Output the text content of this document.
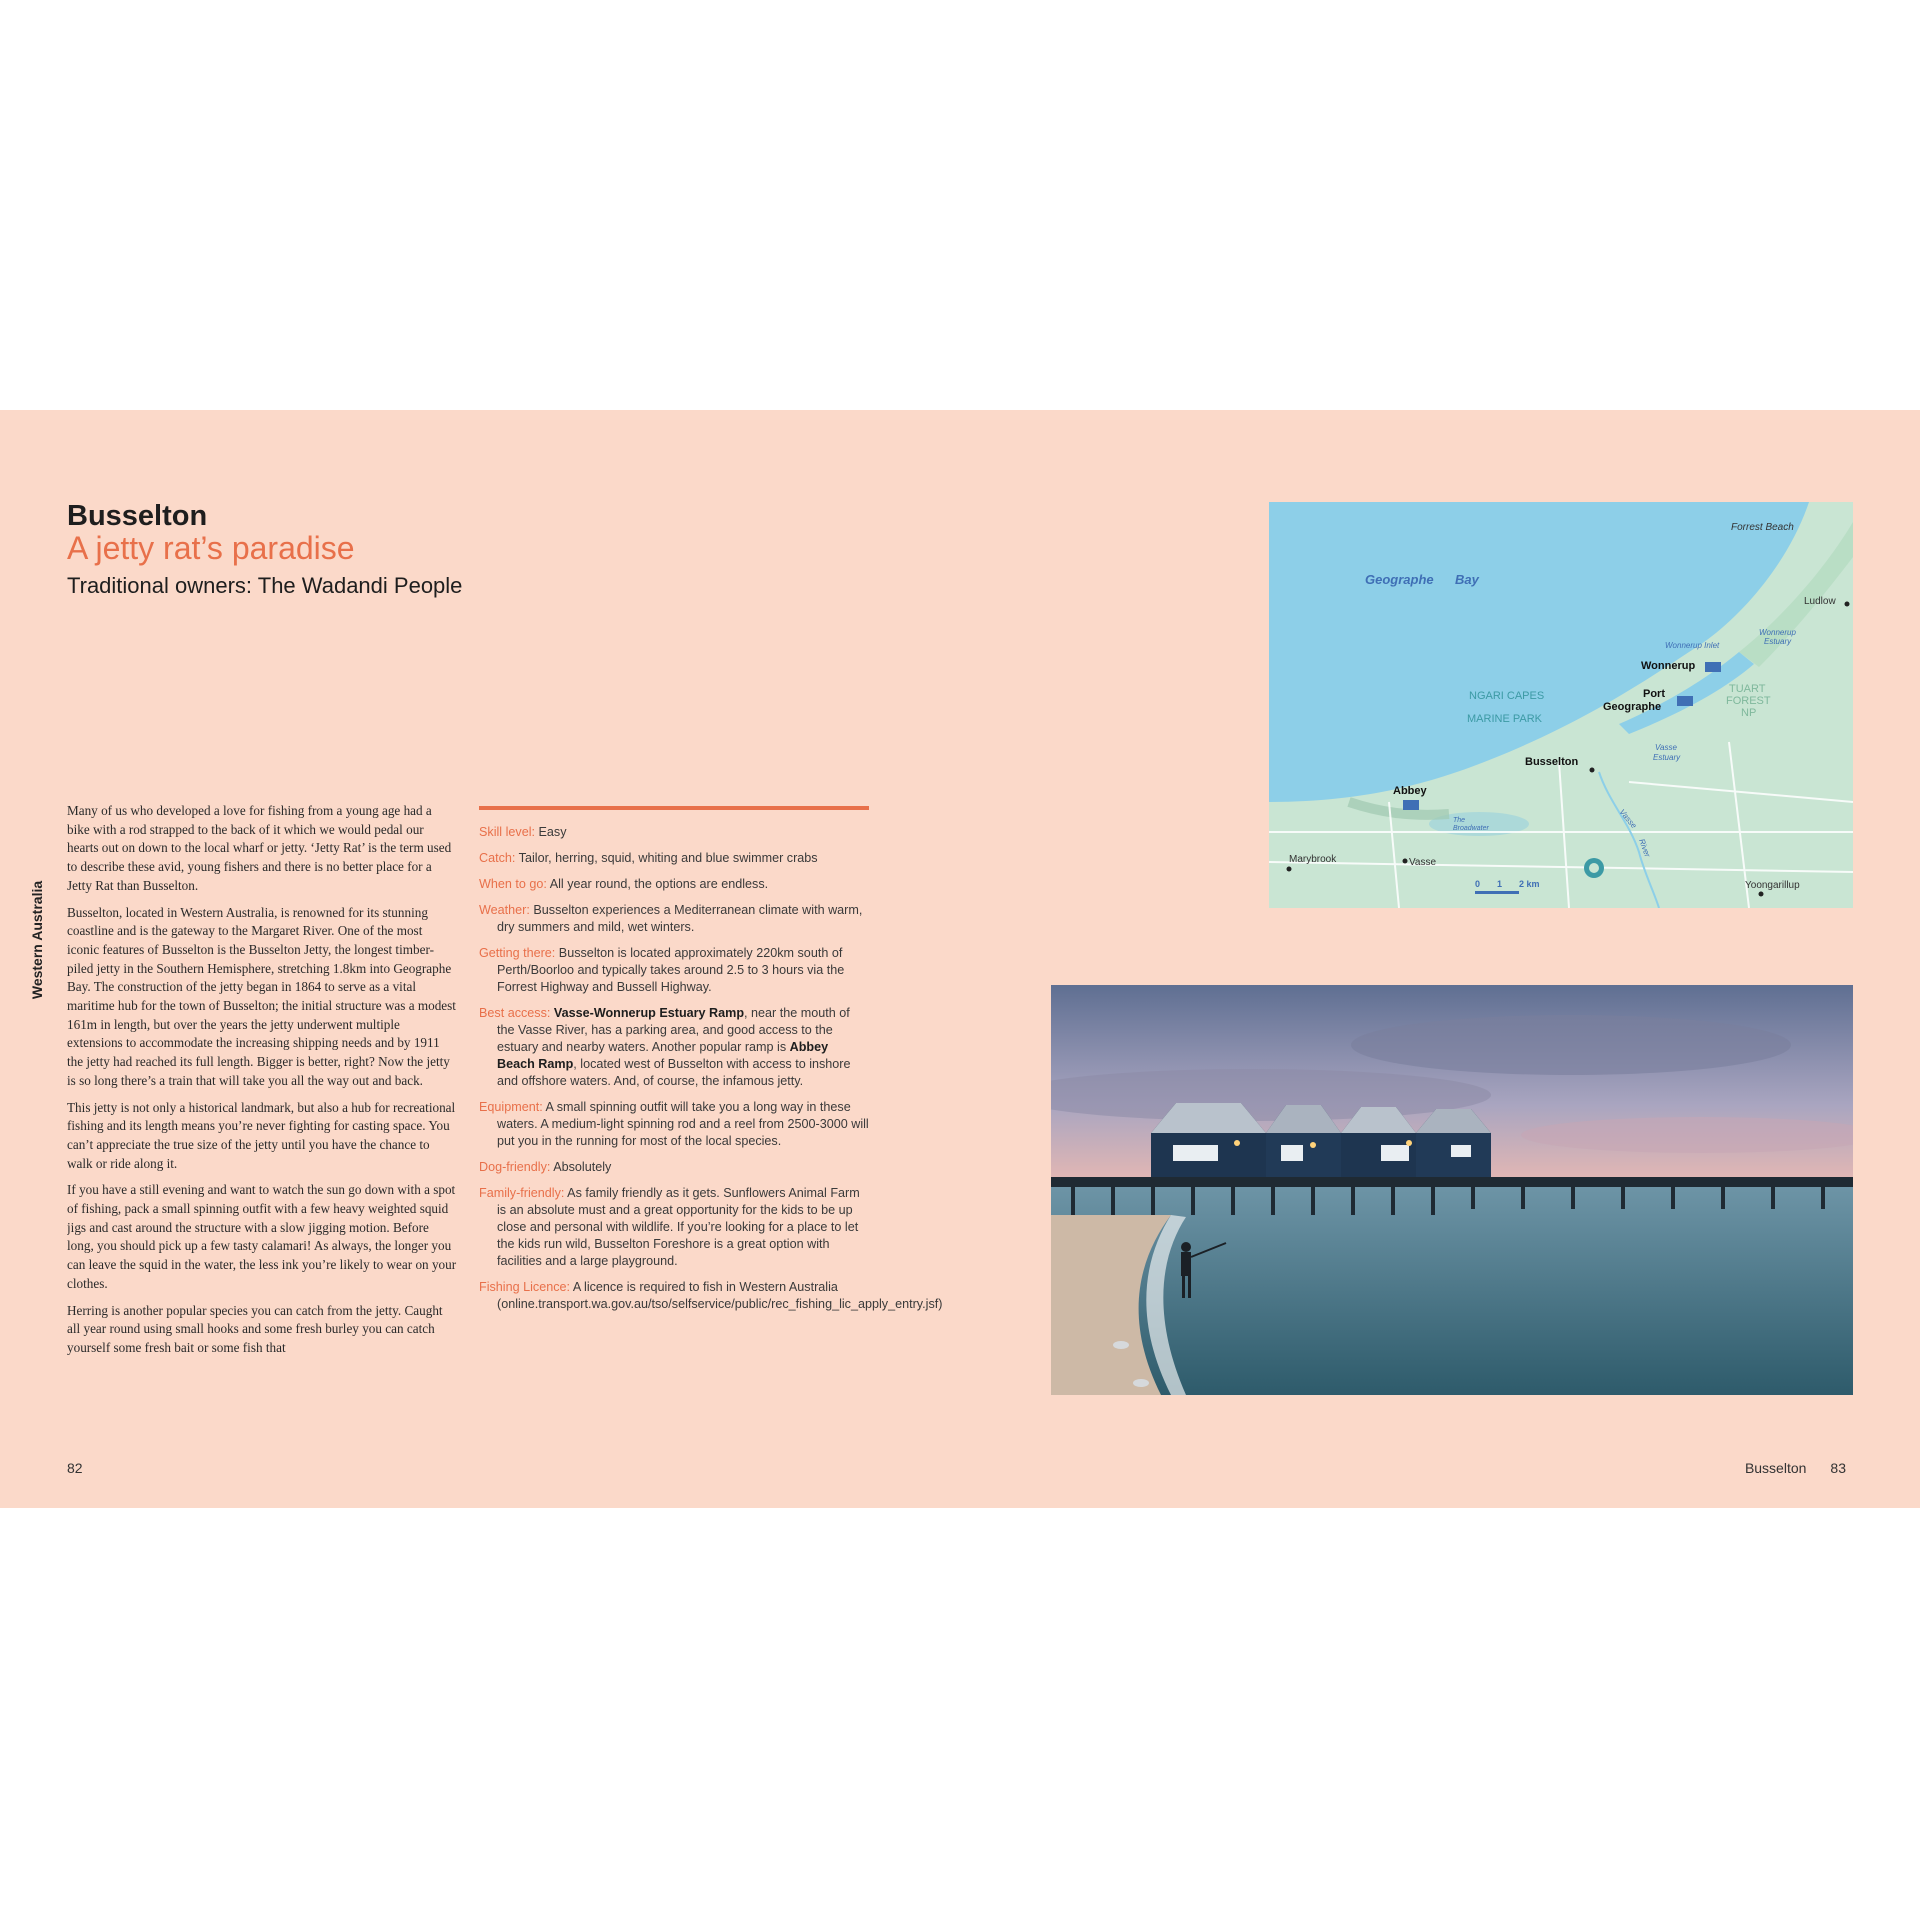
Busselton
A jetty rat’s paradise
Traditional owners: The Wadandi People
Western Australia

Many of us who developed a love for fishing from a young age had a bike with a rod strapped to the back of it which we would pedal our hearts out on down to the local wharf or jetty. ‘Jetty Rat’ is the term used to describe these avid, young fishers and there is no better place for a Jetty Rat than Busselton.

Busselton, located in Western Australia, is renowned for its stunning coastline and is the gateway to the Margaret River. One of the most iconic features of Busselton is the Busselton Jetty, the longest timber-piled jetty in the Southern Hemisphere, stretching 1.8km into Geographe Bay. The construction of the jetty began in 1864 to serve as a vital maritime hub for the town of Busselton; the initial structure was a modest 161m in length, but over the years the jetty underwent multiple extensions to accommodate the increasing shipping needs and by 1911 the jetty had reached its full length. Bigger is better, right? Now the jetty is so long there’s a train that will take you all the way out and back.

This jetty is not only a historical landmark, but also a hub for recreational fishing and its length means you’re never fighting for casting space. You can’t appreciate the true size of the jetty until you have the chance to walk or ride along it.

If you have a still evening and want to watch the sun go down with a spot of fishing, pack a small spinning outfit with a few heavy weighted squid jigs and cast around the structure with a slow jigging motion. Before long, you should pick up a few tasty calamari! As always, the longer you can leave the squid in the water, the less ink you’re likely to wear on your clothes.

Herring is another popular species you can catch from the jetty. Caught all year round using small hooks and some fresh burley you can catch yourself some fresh bait or some fish that

Skill level: Easy

Catch: Tailor, herring, squid, whiting and blue swimmer crabs

When to go: All year round, the options are endless.

Weather: Busselton experiences a Mediterranean climate with warm, dry summers and mild, wet winters.

Getting there: Busselton is located approximately 220km south of Perth/Boorloo and typically takes around 2.5 to 3 hours via the Forrest Highway and Bussell Highway.

Best access: Vasse-Wonnerup Estuary Ramp, near the mouth of the Vasse River, has a parking area, and good access to the estuary and nearby waters. Another popular ramp is Abbey Beach Ramp, located west of Busselton with access to inshore and offshore waters. And, of course, the infamous jetty.

Equipment: A small spinning outfit will take you a long way in these waters. A medium-light spinning rod and a reel from 2500-3000 will put you in the running for most of the local species.

Dog-friendly: Absolutely

Family-friendly: As family friendly as it gets. Sunflowers Animal Farm is an absolute must and a great opportunity for the kids to be up close and personal with wildlife. If you’re looking for a place to let the kids run wild, Busselton Foreshore is a great option with facilities and a large playground.

Fishing Licence: A licence is required to fish in Western Australia (online.transport.wa.gov.au/tso/selfservice/public/rec_fishing_lic_apply_entry.jsf)

Forrest Beach
Geographe Bay
Ludlow
Wonnerup Inlet
Wonnerup
Estuary
Wonnerup
Port
Geographe
TUART
FOREST
NP
NGARI CAPES
MARINE PARK
Busselton
Vasse
Estuary
Abbey
The
Broadwater	Vasse
River
Marybrook	Vasse
0 1 2 km	Yoongarillup
82	Busselton 83
